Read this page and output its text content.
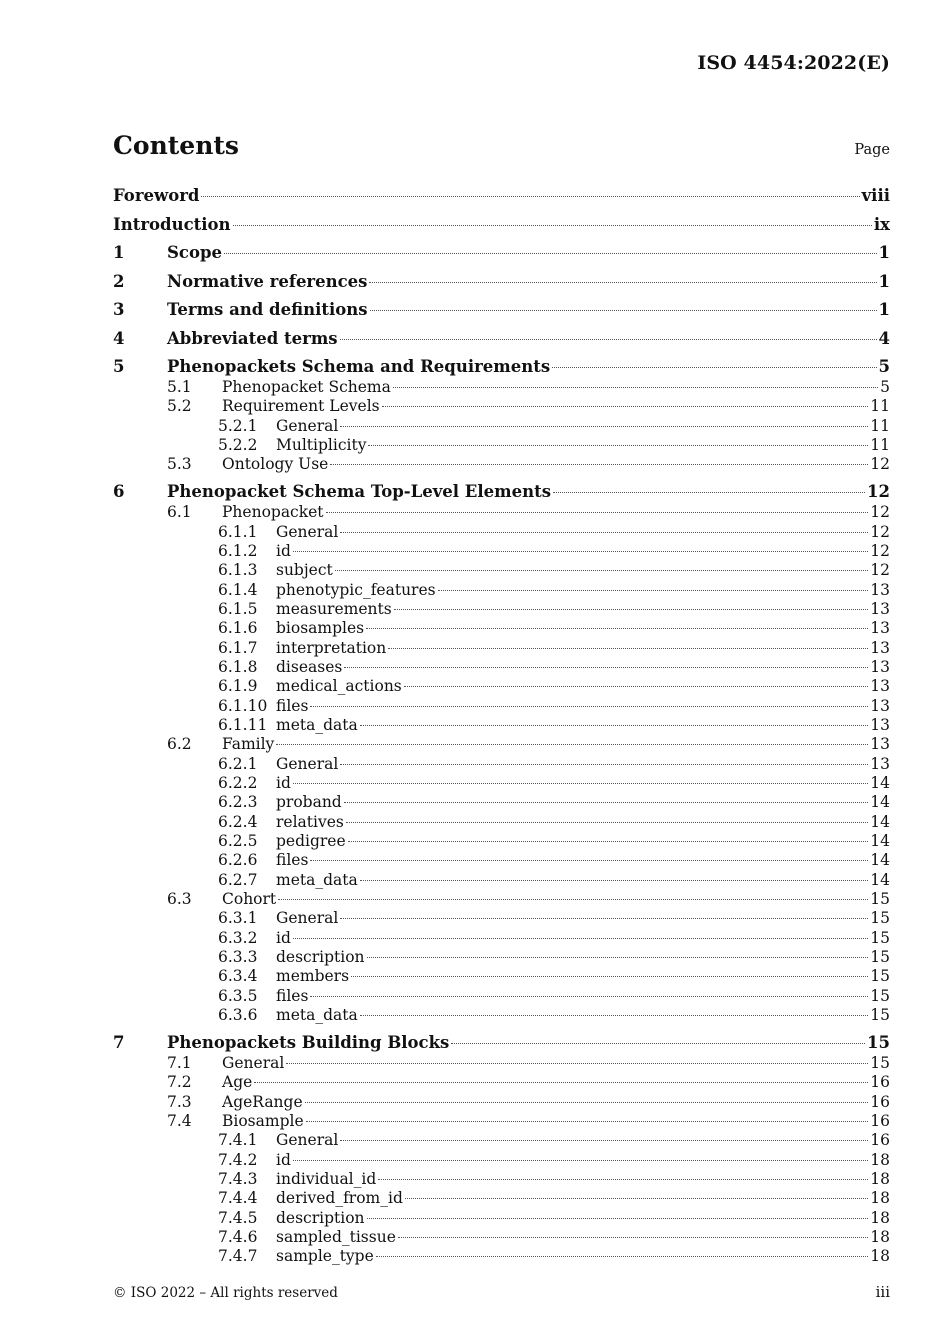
ISO 4454:2022(E)
Contents	Page
Foreword	viii
Introduction	ix
1	Scope	1
2	Normative references	1
3	Terms and definitions	1
4	Abbreviated terms	4
5	Phenopackets Schema and Requirements	5
5.1 Phenopacket Schema	5
5.2 Requirement Levels	11
5.2.1 General	11
5.2.2 Multiplicity	11
5.3 Ontology Use	12
6	Phenopacket Schema Top-Level Elements	12
6.1 Phenopacket	12
6.1.1 General	12
6.1.2 id	12
6.1.3 subject	12
6.1.4 phenotypic_features	13
6.1.5 measurements	13
6.1.6 biosamples	13
6.1.7 interpretation	13
6.1.8 diseases	13
6.1.9 medical_actions	13
6.1.10 files	13
6.1.11 meta_data	13
6.2 Family	13
6.2.1 General	13
6.2.2 id	14
6.2.3 proband	14
6.2.4 relatives	14
6.2.5 pedigree	14
6.2.6 files	14
6.2.7 meta_data	14
6.3 Cohort	15
6.3.1 General	15
6.3.2 id	15
6.3.3 description	15
6.3.4 members	15
6.3.5 files	15
6.3.6 meta_data	15
7	Phenopackets Building Blocks	15
7.1 General	15
7.2 Age	16
7.3 AgeRange	16
7.4 Biosample	16
7.4.1 General	16
7.4.2 id	18
7.4.3 individual_id	18
7.4.4 derived_from_id	18
7.4.5 description	18
7.4.6 sampled_tissue	18
7.4.7 sample_type	18
© ISO 2022 – All rights reserved	iii
